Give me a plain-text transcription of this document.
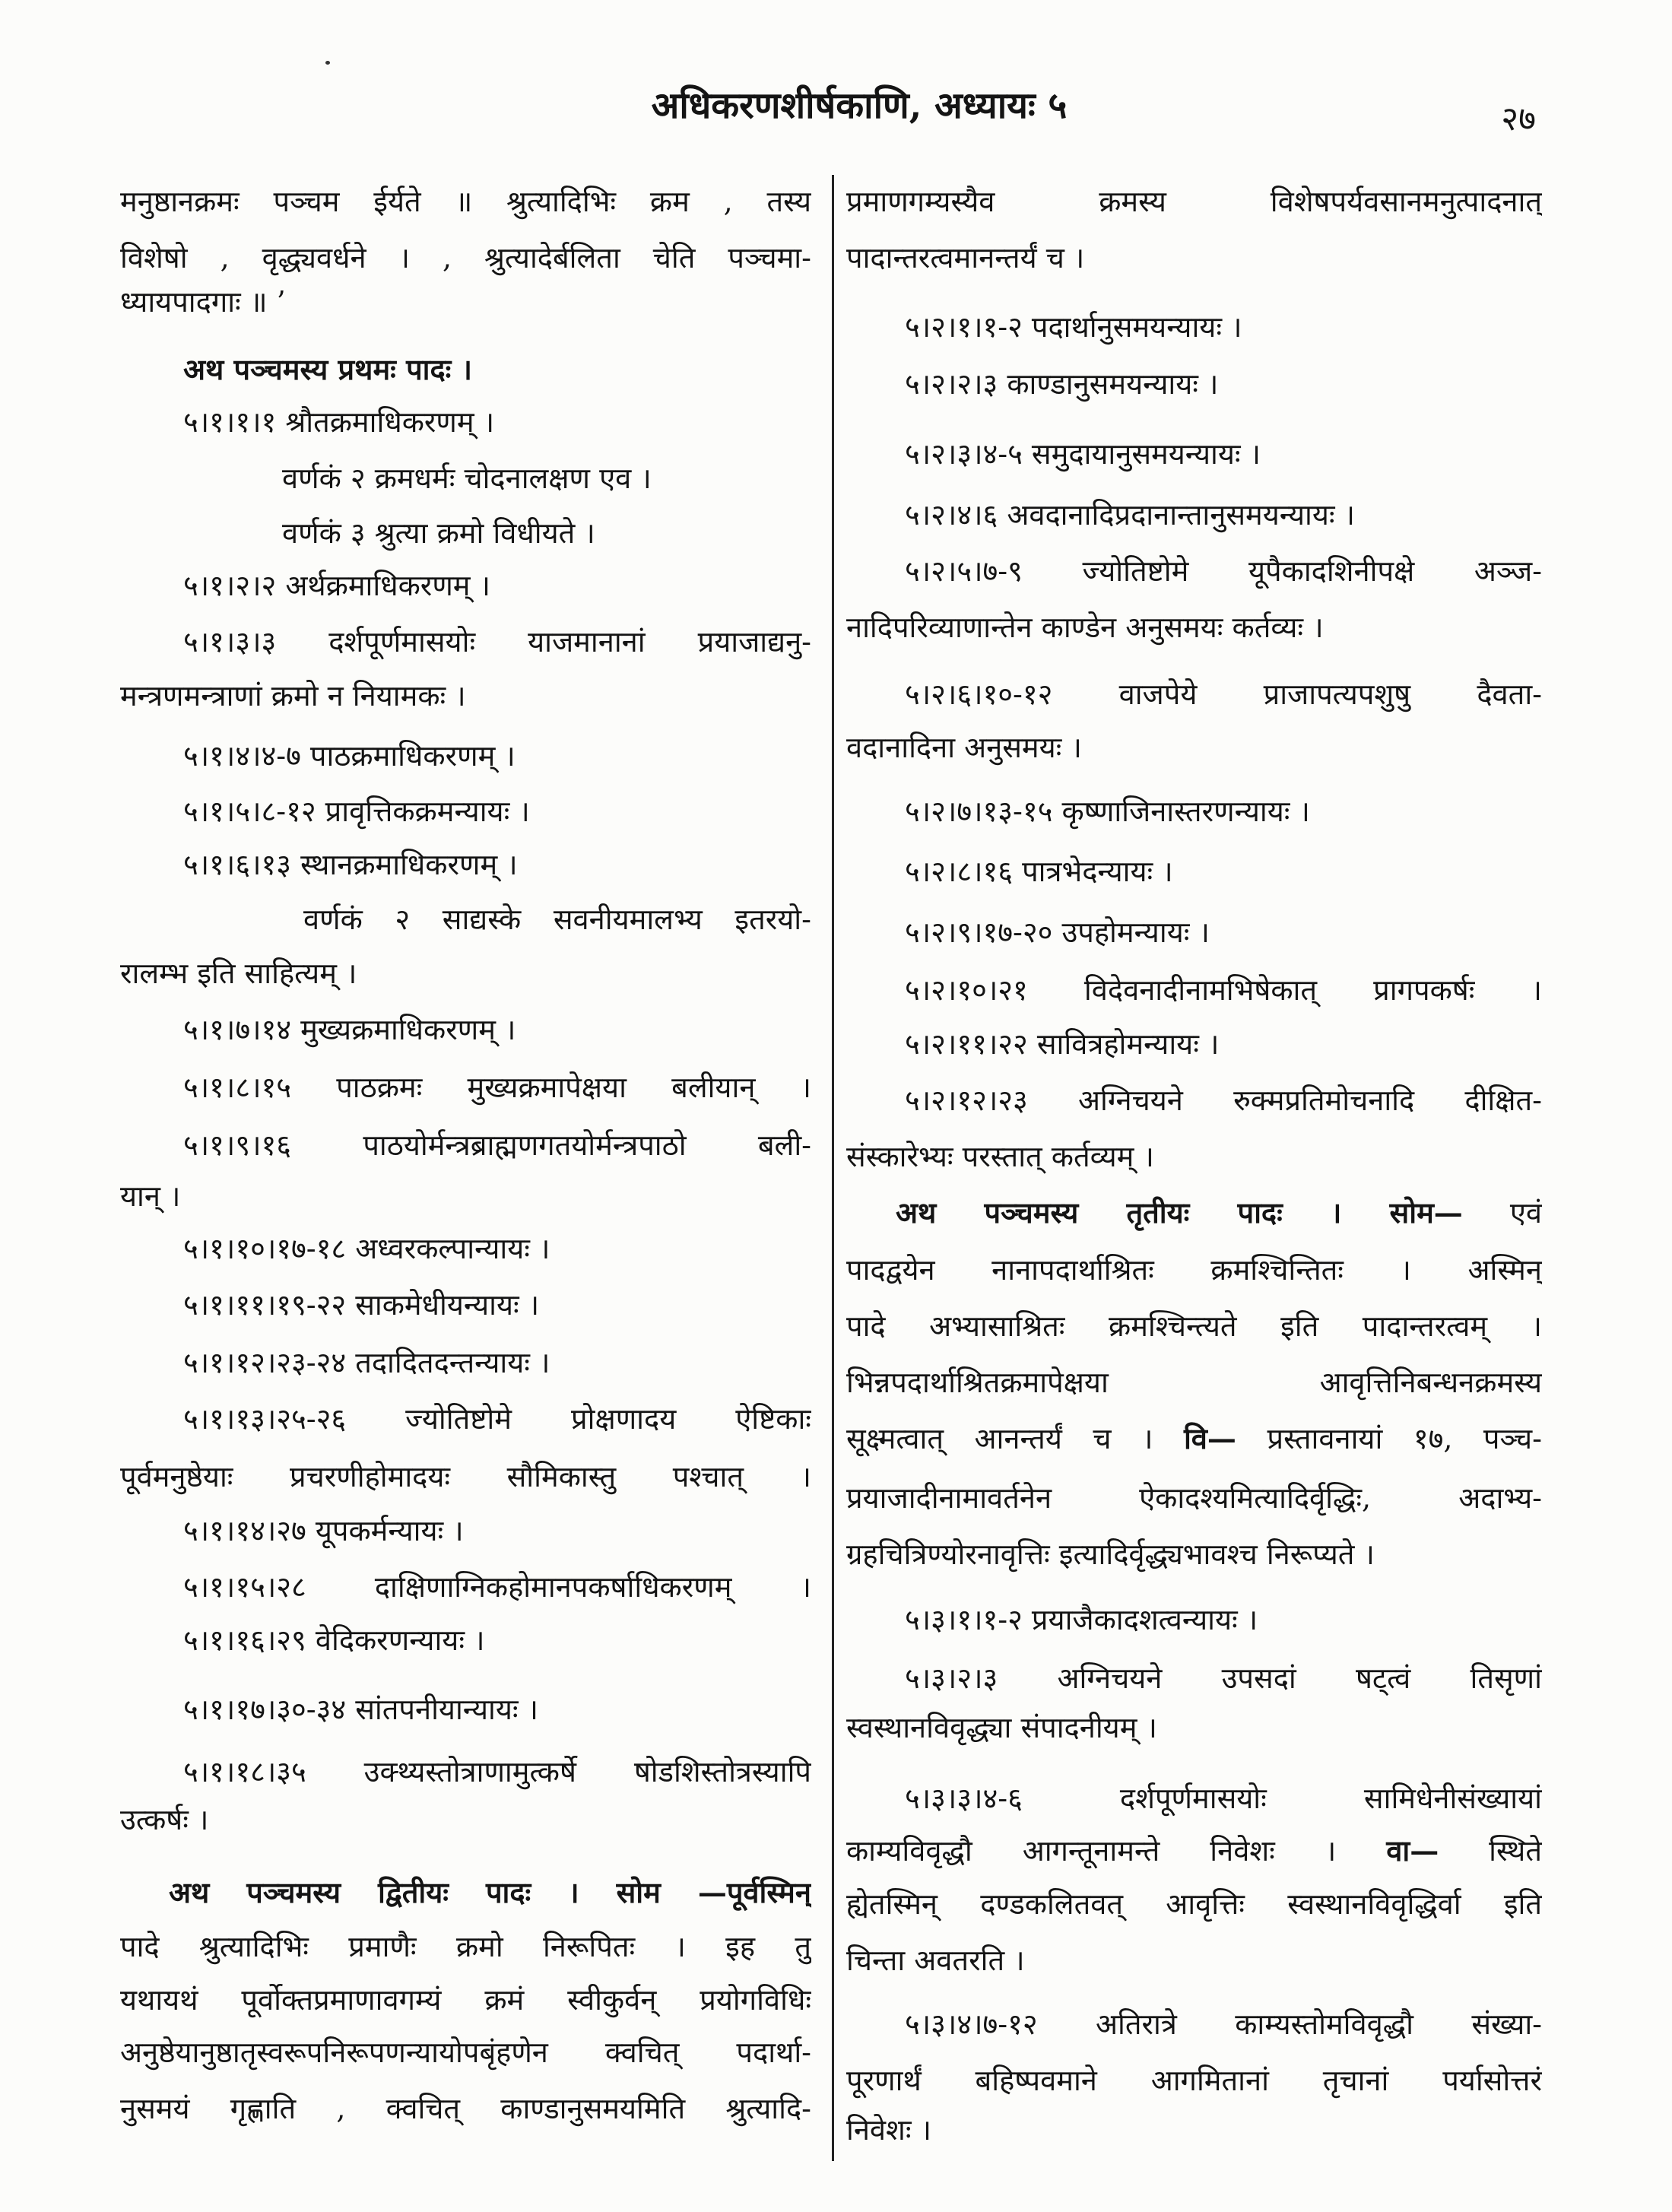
अधिकरणशीर्षकाणि, अध्यायः ५	२७
मनुष्ठानक्रमः पञ्चम ईर्यते ॥ श्रुत्यादिभिः क्रम , तस्य
विशेषो , वृद्ध्यवर्धने । , श्रुत्यादेर्बलिता चेति पञ्चमा-
ध्यायपादगाः ॥ ’
अथ पञ्चमस्य प्रथमः पादः ।
५।१।१।१ श्रौतक्रमाधिकरणम् ।
वर्णकं २ क्रमधर्मः चोदनालक्षण एव ।
वर्णकं ३ श्रुत्या क्रमो विधीयते ।
५।१।२।२ अर्थक्रमाधिकरणम् ।
५।१।३।३ दर्शपूर्णमासयोः याजमानानां प्रयाजाद्यनु-
मन्त्रणमन्त्राणां क्रमो न नियामकः ।
५।१।४।४-७ पाठक्रमाधिकरणम् ।
५।१।५।८-१२ प्रावृत्तिकक्रमन्यायः ।
५।१।६।१३ स्थानक्रमाधिकरणम् ।
वर्णकं २ साद्यस्के सवनीयमालभ्य इतरयो-
रालम्भ इति साहित्यम् ।
५।१।७।१४ मुख्यक्रमाधिकरणम् ।
५।१।८।१५ पाठक्रमः मुख्यक्रमापेक्षया बलीयान् ।
५।१।९।१६ पाठयोर्मन्त्रब्राह्मणगतयोर्मन्त्रपाठो बली-
यान् ।
५।१।१०।१७-१८ अध्वरकल्पान्यायः ।
५।१।११।१९-२२ साकमेधीयन्यायः ।
५।१।१२।२३-२४ तदादितदन्तन्यायः ।
५।१।१३।२५-२६ ज्योतिष्टोमे प्रोक्षणादय ऐष्टिकाः
पूर्वमनुष्ठेयाः प्रचरणीहोमादयः सौमिकास्तु पश्चात् ।
५।१।१४।२७ यूपकर्मन्यायः ।
५।१।१५।२८ दाक्षिणाग्निकहोमानपकर्षाधिकरणम् ।
५।१।१६।२९ वेदिकरणन्यायः ।
५।१।१७।३०-३४ सांतपनीयान्यायः ।
५।१।१८।३५ उक्थ्यस्तोत्राणामुत्कर्षे षोडशिस्तोत्रस्यापि
उत्कर्षः ।
अथ पञ्चमस्य द्वितीयः पादः । सोम —पूर्वस्मिन्
पादे श्रुत्यादिभिः प्रमाणैः क्रमो निरूपितः । इह तु
यथायथं पूर्वोक्तप्रमाणावगम्यं क्रमं स्वीकुर्वन् प्रयोगविधिः
अनुष्ठेयानुष्ठातृस्वरूपनिरूपणन्यायोपबृंहणेन क्वचित् पदार्था-
नुसमयं गृह्णाति , क्वचित् काण्डानुसमयमिति श्रुत्यादि-
प्रमाणगम्यस्यैव क्रमस्य विशेषपर्यवसानमनुत्पादनात्
पादान्तरत्वमानन्तर्यं च ।
५।२।१।१-२ पदार्थानुसमयन्यायः ।
५।२।२।३ काण्डानुसमयन्यायः ।
५।२।३।४-५ समुदायानुसमयन्यायः ।
५।२।४।६ अवदानादिप्रदानान्तानुसमयन्यायः ।
५।२।५।७-९ ज्योतिष्टोमे यूपैकादशिनीपक्षे अञ्ज-
नादिपरिव्याणान्तेन काण्डेन अनुसमयः कर्तव्यः ।
५।२।६।१०-१२ वाजपेये प्राजापत्यपशुषु दैवता-
वदानादिना अनुसमयः ।
५।२।७।१३-१५ कृष्णाजिनास्तरणन्यायः ।
५।२।८।१६ पात्रभेदन्यायः ।
५।२।९।१७-२० उपहोमन्यायः ।
५।२।१०।२१ विदेवनादीनामभिषेकात् प्रागपकर्षः ।
५।२।११।२२ सावित्रहोमन्यायः ।
५।२।१२।२३ अग्निचयने रुक्मप्रतिमोचनादि दीक्षित-
संस्कारेभ्यः परस्तात् कर्तव्यम् ।
अथ पञ्चमस्य तृतीयः पादः । सोम— एवं
पादद्वयेन नानापदार्थाश्रितः क्रमश्चिन्तितः । अस्मिन्
पादे अभ्यासाश्रितः क्रमश्चिन्त्यते इति पादान्तरत्वम् ।
भिन्नपदार्थाश्रितक्रमापेक्षया आवृत्तिनिबन्धनक्रमस्य
सूक्ष्मत्वात् आनन्तर्यं च । वि— प्रस्तावनायां १७, पञ्च-
प्रयाजादीनामावर्तनेन ऐकादश्यमित्यादिर्वृद्धिः, अदाभ्य-
ग्रहचित्रिण्योरनावृत्तिः इत्यादिर्वृद्ध्यभावश्च निरूप्यते ।
५।३।१।१-२ प्रयाजैकादशत्वन्यायः ।
५।३।२।३ अग्निचयने उपसदां षट्त्वं तिसृणां
स्वस्थानविवृद्ध्या संपादनीयम् ।
५।३।३।४-६ दर्शपूर्णमासयोः सामिधेनीसंख्यायां
काम्यविवृद्धौ आगन्तूनामन्ते निवेशः । वा— स्थिते
ह्येतस्मिन् दण्डकलितवत् आवृत्तिः स्वस्थानविवृद्धिर्वा इति
चिन्ता अवतरति ।
५।३।४।७-१२ अतिरात्रे काम्यस्तोमविवृद्धौ संख्या-
पूरणार्थं बहिष्पवमाने आगमितानां तृचानां पर्यासोत्तरं
निवेशः ।
